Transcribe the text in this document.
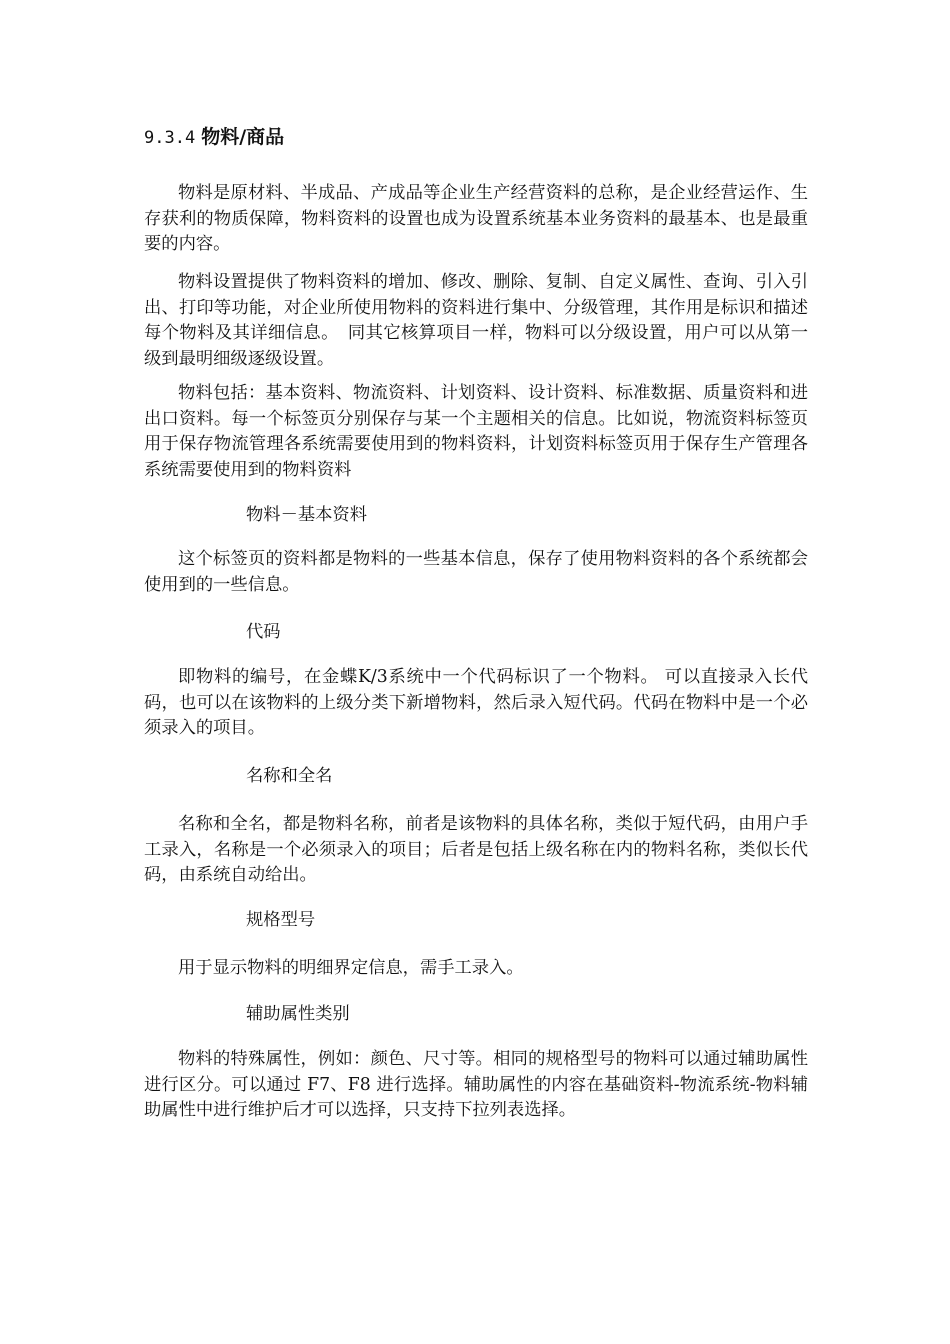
9.3.4 物料/商品

物料是原材料、半成品、产成品等企业生产经营资料的总称，是企业经营运作、生存获利的物质保障，物料资料的设置也成为设置系统基本业务资料的最基本、也是最重要的内容。

物料设置提供了物料资料的增加、修改、删除、复制、自定义属性、查询、引入引出、打印等功能，对企业所使用物料的资料进行集中、分级管理，其作用是标识和描述每个物料及其详细信息。　同其它核算项目一样，物料可以分级设置，用户可以从第一级到最明细级逐级设置。

物料包括：基本资料、物流资料、计划资料、设计资料、标准数据、质量资料和进出口资料。每一个标签页分别保存与某一个主题相关的信息。比如说，物流资料标签页用于保存物流管理各系统需要使用到的物料资料，计划资料标签页用于保存生产管理各系统需要使用到的物料资料

物料－基本资料

这个标签页的资料都是物料的一些基本信息，保存了使用物料资料的各个系统都会使用到的一些信息。

代码

即物料的编号，在金蝶K/3系统中一个代码标识了一个物料。 可以直接录入长代码，也可以在该物料的上级分类下新增物料，然后录入短代码。代码在物料中是一个必须录入的项目。

名称和全名

名称和全名，都是物料名称，前者是该物料的具体名称，类似于短代码，由用户手工录入，名称是一个必须录入的项目；后者是包括上级名称在内的物料名称，类似长代码，由系统自动给出。

规格型号

用于显示物料的明细界定信息，需手工录入。

辅助属性类别

物料的特殊属性，例如：颜色、尺寸等。相同的规格型号的物料可以通过辅助属性进行区分。可以通过 F7、F8 进行选择。辅助属性的内容在基础资料-物流系统-物料辅助属性中进行维护后才可以选择，只支持下拉列表选择。
